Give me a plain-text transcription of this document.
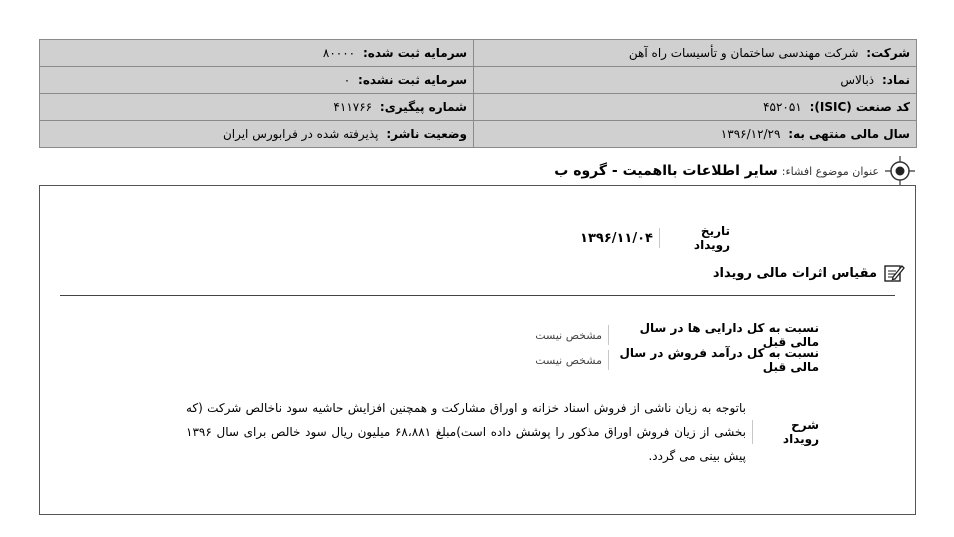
شرکت: شرکت مهندسی ساختمان و تأسیسات راه آهن	سرمایه ثبت شده: ۸۰۰۰۰
نماد: ذبالاس	سرمایه ثبت نشده: ۰
کد صنعت (ISIC): ۴۵۲۰۵۱	شماره پیگیری: ۴۱۱۷۶۶
سال مالی منتهی به: ۱۳۹۶/۱۲/۲۹	وضعیت ناشر: پذیرفته شده در فرابورس ایران
عنوان موضوع افشاء:
سایر اطلاعات بااهمیت - گروه ب
تاریخ رویداد
۱۳۹۶/۱۱/۰۴
مقیاس اثرات مالی رویداد
نسبت به کل دارایی ها در سال مالی قبل
مشخص نیست
نسبت به کل درآمد فروش در سال مالی قبل
مشخص نیست
شرح رویداد
باتوجه به زیان ناشی از فروش اسناد خزانه و اوراق مشارکت و همچنین افزایش حاشیه سود ناخالص شرکت (که بخشی از زیان فروش اوراق مذکور را پوشش داده است)مبلغ ۶۸،۸۸۱ میلیون ریال سود خالص برای سال ۱۳۹۶ پیش بینی می گردد.
